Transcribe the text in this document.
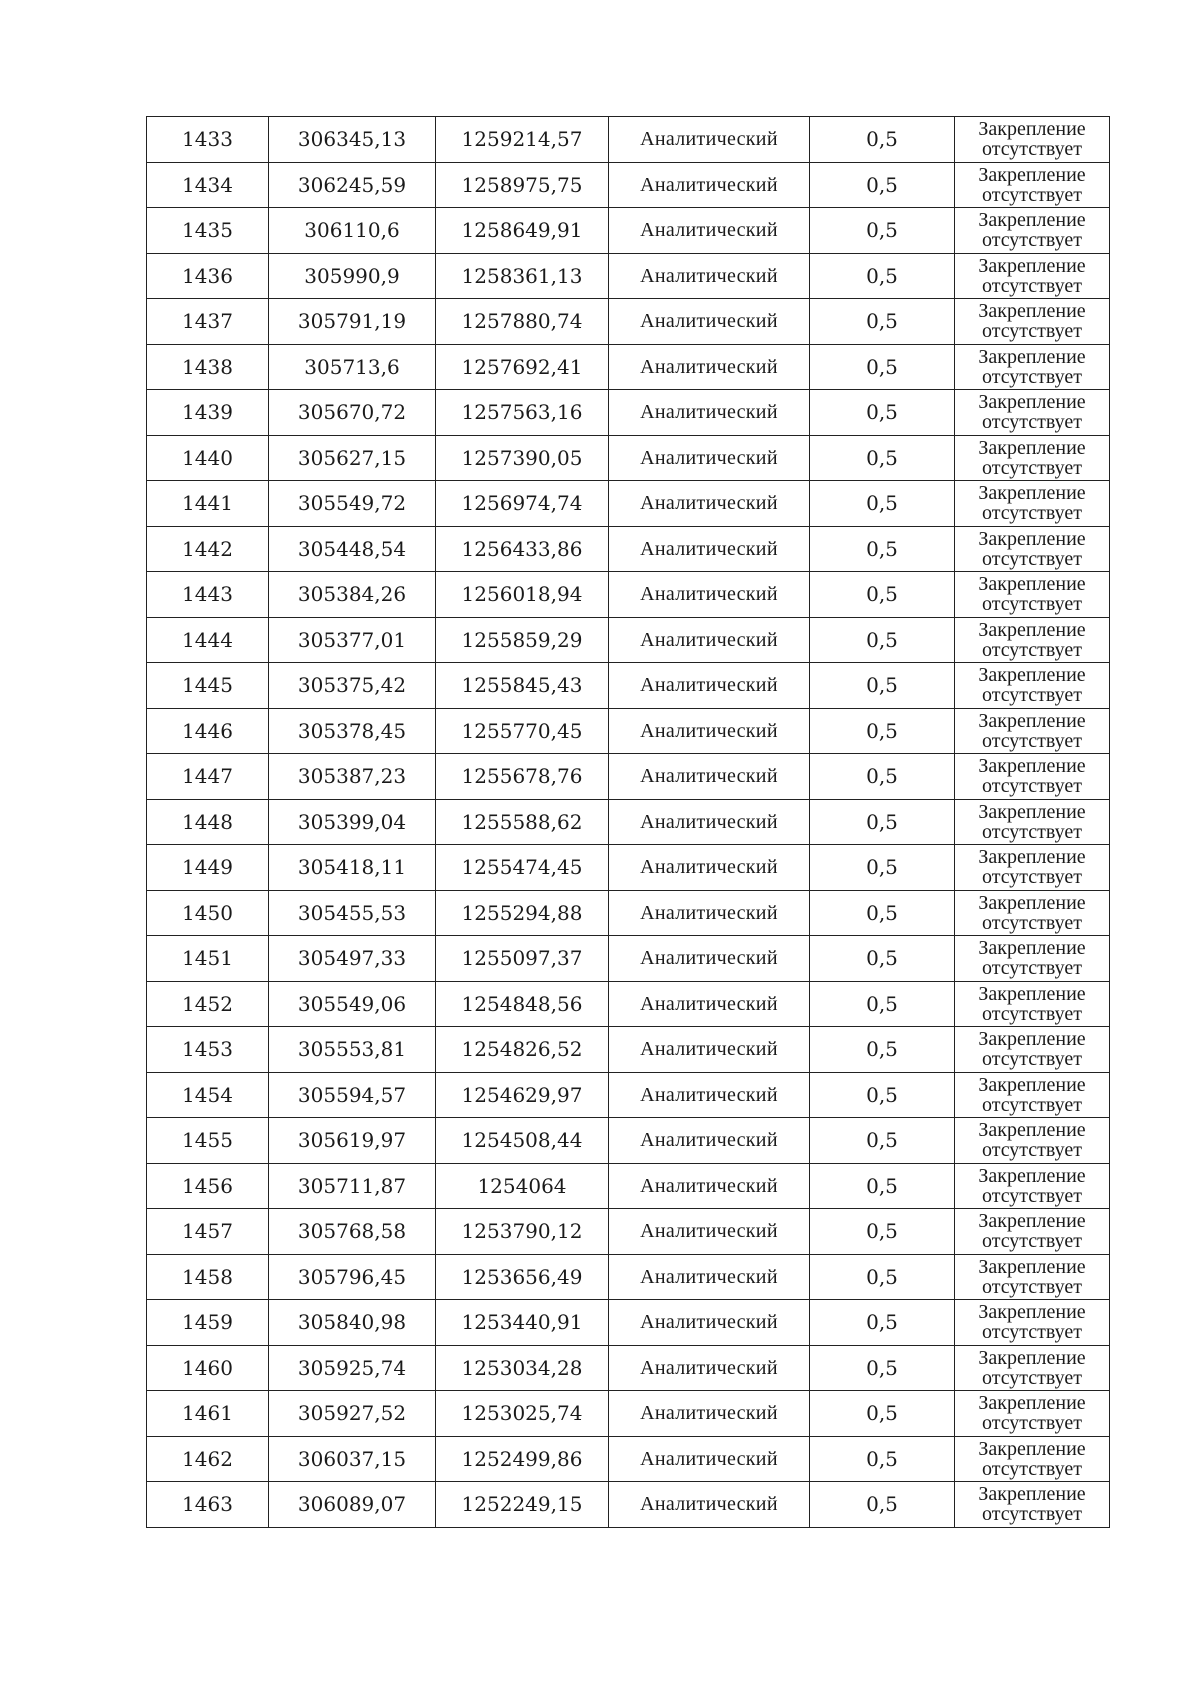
1433	306345,13	1259214,57	Аналитический	0,5	Закрепление
отсутствует

1434	306245,59	1258975,75	Аналитический	0,5	Закрепление
отсутствует

1435	306110,6	1258649,91	Аналитический	0,5	Закрепление
отсутствует

1436	305990,9	1258361,13	Аналитический	0,5	Закрепление
отсутствует

1437	305791,19	1257880,74	Аналитический	0,5	Закрепление
отсутствует

1438	305713,6	1257692,41	Аналитический	0,5	Закрепление
отсутствует

1439	305670,72	1257563,16	Аналитический	0,5	Закрепление
отсутствует

1440	305627,15	1257390,05	Аналитический	0,5	Закрепление
отсутствует

1441	305549,72	1256974,74	Аналитический	0,5	Закрепление
отсутствует

1442	305448,54	1256433,86	Аналитический	0,5	Закрепление
отсутствует

1443	305384,26	1256018,94	Аналитический	0,5	Закрепление
отсутствует

1444	305377,01	1255859,29	Аналитический	0,5	Закрепление
отсутствует

1445	305375,42	1255845,43	Аналитический	0,5	Закрепление
отсутствует

1446	305378,45	1255770,45	Аналитический	0,5	Закрепление
отсутствует

1447	305387,23	1255678,76	Аналитический	0,5	Закрепление
отсутствует

1448	305399,04	1255588,62	Аналитический	0,5	Закрепление
отсутствует

1449	305418,11	1255474,45	Аналитический	0,5	Закрепление
отсутствует

1450	305455,53	1255294,88	Аналитический	0,5	Закрепление
отсутствует

1451	305497,33	1255097,37	Аналитический	0,5	Закрепление
отсутствует

1452	305549,06	1254848,56	Аналитический	0,5	Закрепление
отсутствует

1453	305553,81	1254826,52	Аналитический	0,5	Закрепление
отсутствует

1454	305594,57	1254629,97	Аналитический	0,5	Закрепление
отсутствует

1455	305619,97	1254508,44	Аналитический	0,5	Закрепление
отсутствует

1456	305711,87	1254064	Аналитический	0,5	Закрепление
отсутствует

1457	305768,58	1253790,12	Аналитический	0,5	Закрепление
отсутствует

1458	305796,45	1253656,49	Аналитический	0,5	Закрепление
отсутствует

1459	305840,98	1253440,91	Аналитический	0,5	Закрепление
отсутствует

1460	305925,74	1253034,28	Аналитический	0,5	Закрепление
отсутствует

1461	305927,52	1253025,74	Аналитический	0,5	Закрепление
отсутствует

1462	306037,15	1252499,86	Аналитический	0,5	Закрепление
отсутствует

1463	306089,07	1252249,15	Аналитический	0,5	Закрепление
отсутствует
